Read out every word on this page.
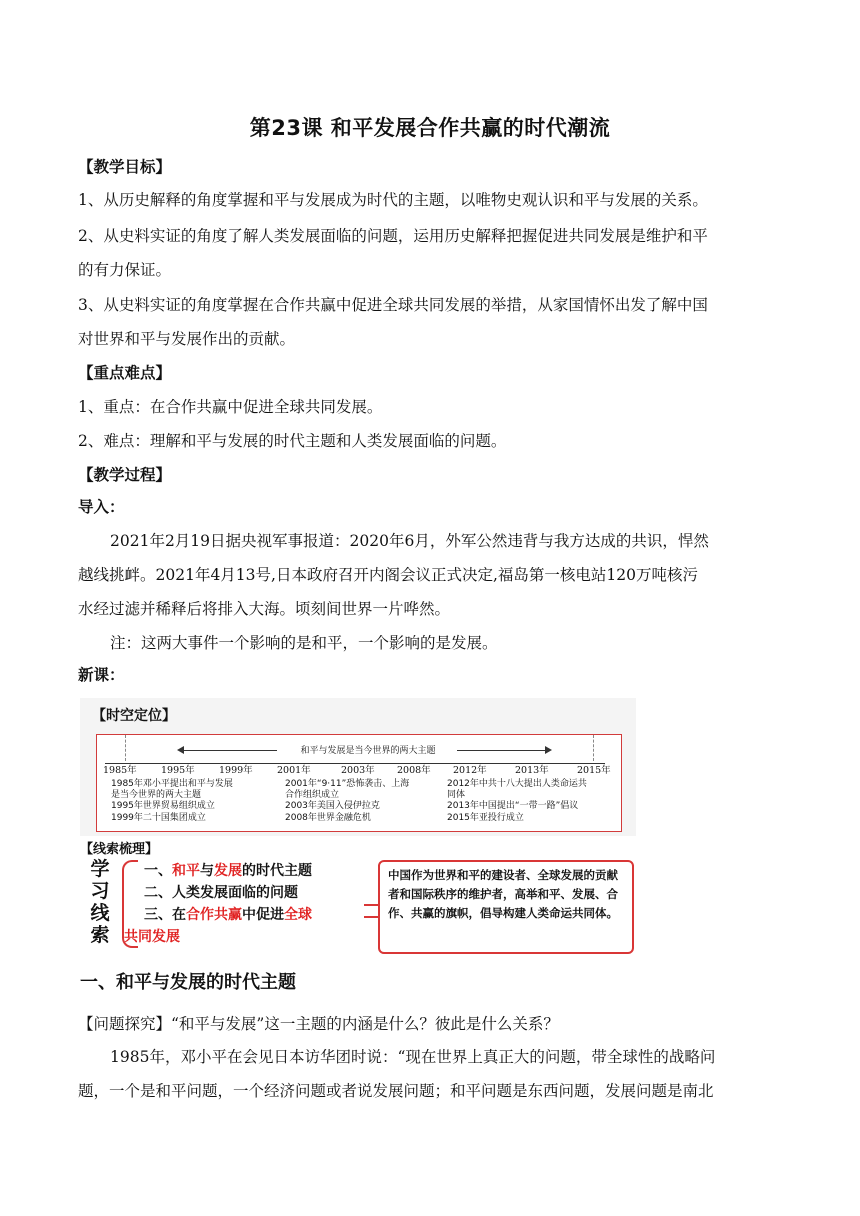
第23课 和平发展合作共赢的时代潮流
【教学目标】
1、从历史解释的角度掌握和平与发展成为时代的主题，以唯物史观认识和平与发展的关系。
2、从史料实证的角度了解人类发展面临的问题，运用历史解释把握促进共同发展是维护和平
的有力保证。
3、从史料实证的角度掌握在合作共赢中促进全球共同发展的举措，从家国情怀出发了解中国
对世界和平与发展作出的贡献。
【重点难点】
1、重点：在合作共赢中促进全球共同发展。
2、难点：理解和平与发展的时代主题和人类发展面临的问题。
【教学过程】
导入：
2021年2月19日据央视军事报道：2020年6月，外军公然违背与我方达成的共识，悍然
越线挑衅。2021年4月13号,日本政府召开内阁会议正式决定,福岛第一核电站120万吨核污
水经过滤并稀释后将排入大海。顷刻间世界一片哗然。
注：这两大事件一个影响的是和平，一个影响的是发展。
新课：
【时空定位】
和平与发展是当今世界的两大主题
1985年	1995年	1999年	2001年	2003年 2008年 2012年	2013年	2015年
1985年邓小平提出和平与发展
是当今世界的两大主题
1995年世界贸易组织成立
1999年二十国集团成立
2001年“9·11”恐怖袭击、上海
合作组织成立
2003年美国入侵伊拉克
2008年世界金融危机
2012年中共十八大提出人类命运共
同体
2013年中国提出“一带一路”倡议
2015年亚投行成立
【线索梳理】
学习
线索
一、和平与发展的时代主题
二、人类发展面临的问题
三、在合作共赢中促进全球
共同发展
中国作为世界和平的建设者、全球发展的贡献者和国际秩序的维护者，高举和平、发展、合作、共赢的旗帜，倡导构建人类命运共同体。
一、和平与发展的时代主题
【问题探究】“和平与发展”这一主题的内涵是什么？彼此是什么关系？
1985年，邓小平在会见日本访华团时说：“现在世界上真正大的问题，带全球性的战略问
题，一个是和平问题，一个经济问题或者说发展问题；和平问题是东西问题，发展问题是南北
